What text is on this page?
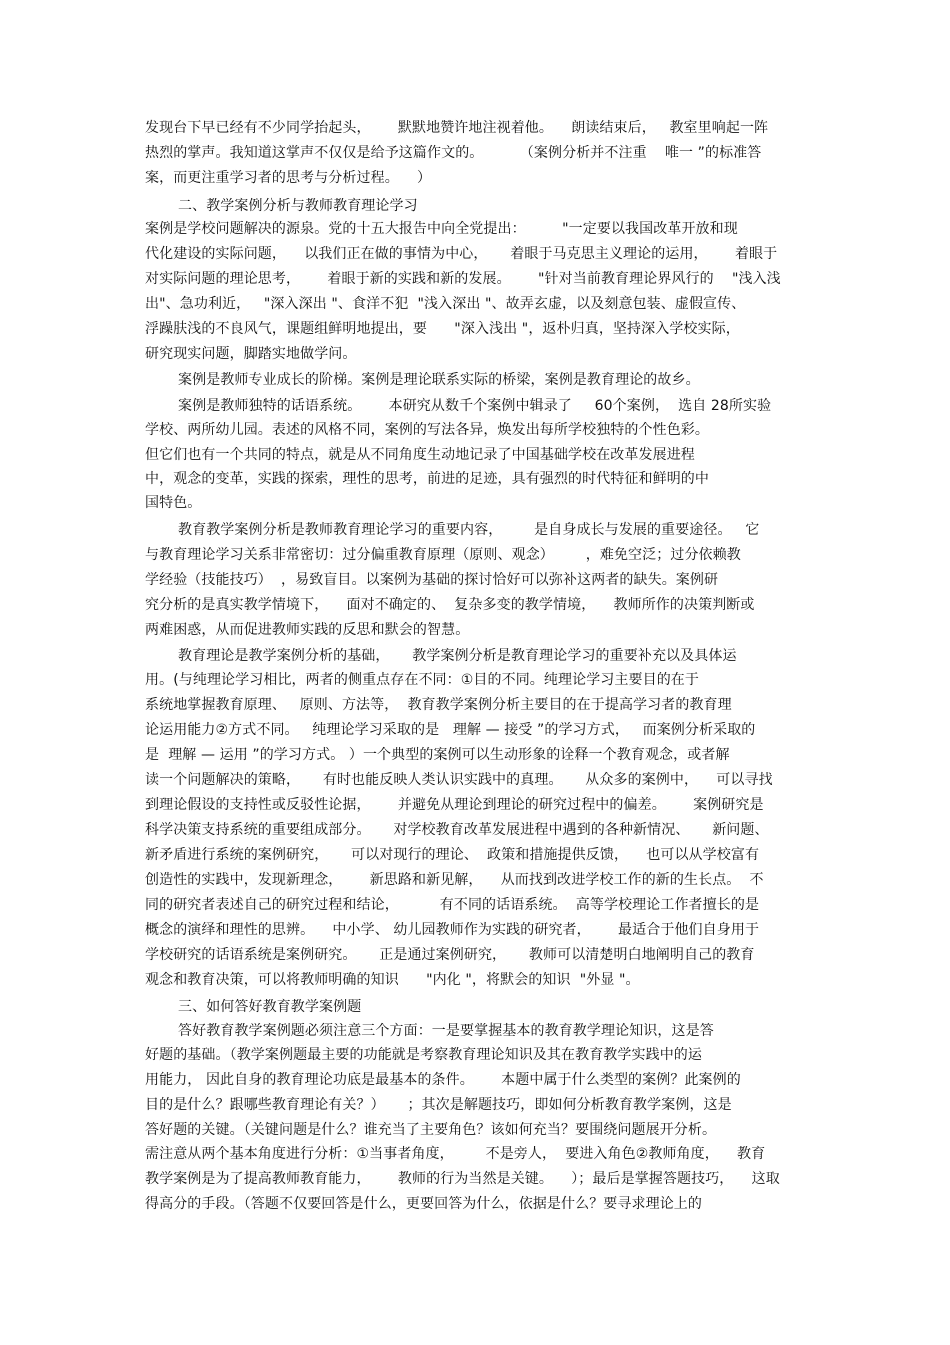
发现台下早已经有不少同学抬起头，      默默地赞许地注视着他。    朗读结束后，   教室里响起一阵
热烈的掌声。我知道这掌声不仅仅是给予这篇作文的。        （案例分析并不注重    唯一 ”的标准答
案，而更注重学习者的思考与分析过程。    ）
二、教学案例分析与教师教育理论学习
案例是学校问题解决的源泉。党的十五大报告中向全党提出：        "一定要以我国改革开放和现
代化建设的实际问题，    以我们正在做的事情为中心，     着眼于马克思主义理论的运用，      着眼于
对实际问题的理论思考，      着眼于新的实践和新的发展。      "针对当前教育理论界风行的    "浅入浅
出"、急功利近，   "深入深出 "、食洋不犯  "浅入深出 "、故弄玄虚，以及刻意包装、虚假宣传、
浮躁肤浅的不良风气，课题组鲜明地提出，要      "深入浅出 "，返朴归真，坚持深入学校实际，
研究现实问题，脚踏实地做学问。
案例是教师专业成长的阶梯。案例是理论联系实际的桥梁，案例是教育理论的故乡。
案例是教师独特的话语系统。      本研究从数千个案例中辑录了     60个案例，  选自 28所实验
学校、两所幼儿园。表述的风格不同，案例的写法各异，焕发出每所学校独特的个性色彩。
但它们也有一个共同的特点，就是从不同角度生动地记录了中国基础学校在改革发展进程
中，观念的变革，实践的探索，理性的思考，前进的足迹，具有强烈的时代特征和鲜明的中
国特色。
教育教学案例分析是教师教育理论学习的重要内容，       是自身成长与发展的重要途径。   它
与教育理论学习关系非常密切：过分偏重教育原理（原则、观念）       ，难免空泛；过分依赖教
学经验（技能技巧）  ，易致盲目。以案例为基础的探讨恰好可以弥补这两者的缺失。案例研
究分析的是真实教学情境下，    面对不确定的、  复杂多变的教学情境，    教师所作的决策判断或
两难困惑，从而促进教师实践的反思和默会的智慧。
教育理论是教学案例分析的基础，     教学案例分析是教育理论学习的重要补充以及具体运
用。(与纯理论学习相比，两者的侧重点存在不同：①目的不同。纯理论学习主要目的在于
系统地掌握教育原理、   原则、方法等，  教育教学案例分析主要目的在于提高学习者的教育理
论运用能力②方式不同。   纯理论学习采取的是   理解 — 接受 ”的学习方式，   而案例分析采取的
是  理解 — 运用 ”的学习方式。 ）一个典型的案例可以生动形象的诠释一个教育观念，或者解
读一个问题解决的策略，     有时也能反映人类认识实践中的真理。     从众多的案例中，    可以寻找
到理论假设的支持性或反驳性论据，      并避免从理论到理论的研究过程中的偏差。      案例研究是
科学决策支持系统的重要组成部分。     对学校教育改革发展进程中遇到的各种新情况、     新问题、
新矛盾进行系统的案例研究，     可以对现行的理论、  政策和措施提供反馈，    也可以从学校富有
创造性的实践中，发现新理念，      新思路和新见解，    从而找到改进学校工作的新的生长点。  不
同的研究者表述自己的研究过程和结论，         有不同的话语系统。  高等学校理论工作者擅长的是
概念的演绎和理性的思辨。    中小学、 幼儿园教师作为实践的研究者，      最适合于他们自身用于
学校研究的话语系统是案例研究。     正是通过案例研究，     教师可以清楚明白地阐明自己的教育
观念和教育决策，可以将教师明确的知识      "内化 "，将默会的知识  "外显 "。
三、如何答好教育教学案例题
答好教育教学案例题必须注意三个方面：一是要掌握基本的教育教学理论知识，这是答
好题的基础。（教学案例题最主要的功能就是考察教育理论知识及其在教育教学实践中的运
用能力， 因此自身的教育理论功底是最基本的条件。      本题中属于什么类型的案例？此案例的
目的是什么？跟哪些教育理论有关？）     ；其次是解题技巧，即如何分析教育教学案例，这是
答好题的关键。（关键问题是什么？谁充当了主要角色？该如何充当？要围绕问题展开分析。
需注意从两个基本角度进行分析：①当事者角度，       不是旁人，  要进入角色②教师角度，    教育
教学案例是为了提高教师教育能力，      教师的行为当然是关键。    ）；最后是掌握答题技巧，    这取
得高分的手段。（答题不仅要回答是什么，更要回答为什么，依据是什么？要寻求理论上的
